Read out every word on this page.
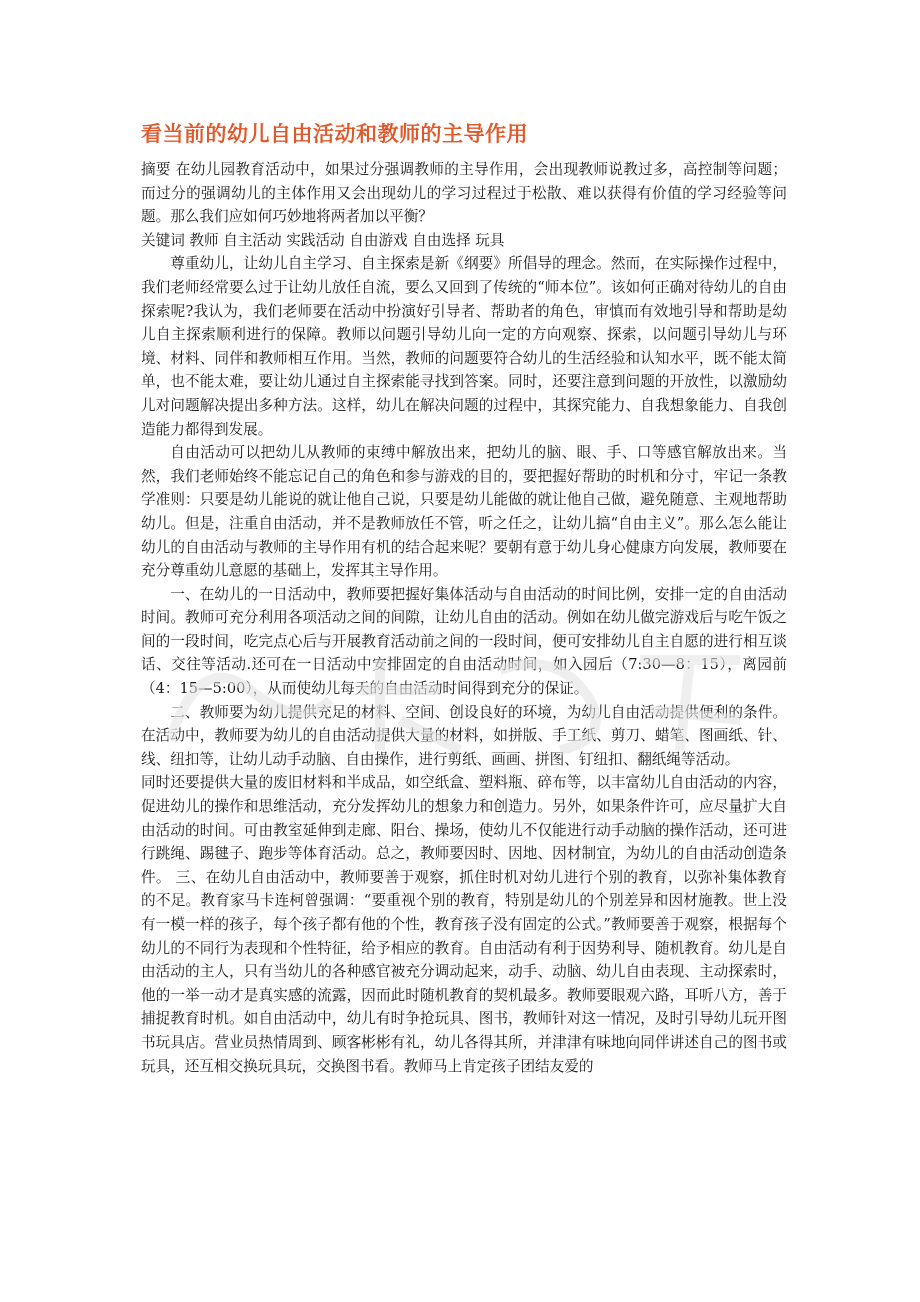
看当前的幼儿自由活动和教师的主导作用

摘要 在幼儿园教育活动中，如果过分强调教师的主导作用，会出现教师说教过多，高控制等问题；而过分的强调幼儿的主体作用又会出现幼儿的学习过程过于松散、难以获得有价值的学习经验等问题。那么我们应如何巧妙地将两者加以平衡？

关键词 教师 自主活动 实践活动 自由游戏 自由选择 玩具

尊重幼儿，让幼儿自主学习、自主探索是新《纲要》所倡导的理念。然而，在实际操作过程中，我们老师经常要么过于让幼儿放任自流，要么又回到了传统的“师本位”。该如何正确对待幼儿的自由探索呢?我认为，我们老师要在活动中扮演好引导者、帮助者的角色，审慎而有效地引导和帮助是幼儿自主探索顺利进行的保障。教师以问题引导幼儿向一定的方向观察、探索，以问题引导幼儿与环境、材料、同伴和教师相互作用。当然，教师的问题要符合幼儿的生活经验和认知水平，既不能太简单，也不能太难，要让幼儿通过自主探索能寻找到答案。同时，还要注意到问题的开放性，以激励幼儿对问题解决提出多种方法。这样，幼儿在解决问题的过程中，其探究能力、自我想象能力、自我创造能力都得到发展。

自由活动可以把幼儿从教师的束缚中解放出来，把幼儿的脑、眼、手、口等感官解放出来。当然，我们老师始终不能忘记自己的角色和参与游戏的目的，要把握好帮助的时机和分寸，牢记一条教学准则：只要是幼儿能说的就让他自己说，只要是幼儿能做的就让他自己做，避免随意、主观地帮助幼儿。但是，注重自由活动，并不是教师放任不管，听之任之，让幼儿搞“自由主义”。那么怎么能让幼儿的自由活动与教师的主导作用有机的结合起来呢？要朝有意于幼儿身心健康方向发展，教师要在充分尊重幼儿意愿的基础上，发挥其主导作用。

一、在幼儿的一日活动中，教师要把握好集体活动与自由活动的时间比例，安排一定的自由活动时间。教师可充分利用各项活动之间的间隙，让幼儿自由的活动。例如在幼儿做完游戏后与吃午饭之间的一段时间，吃完点心后与开展教育活动前之间的一段时间，便可安排幼儿自主自愿的进行相互谈话、交往等活动.还可在一日活动中安排固定的自由活动时间，如入园后（7:30—8：15），离园前（4：15—5:00），从而使幼儿每天的自由活动时间得到充分的保证。

二、教师要为幼儿提供充足的材料、空间、创设良好的环境，为幼儿自由活动提供便利的条件。在活动中，教师要为幼儿的自由活动提供大量的材料，如拼版、手工纸、剪刀、蜡笔、图画纸、针、线、纽扣等，让幼儿动手动脑、自由操作，进行剪纸、画画、拼图、钉纽扣、翻纸绳等活动。

同时还要提供大量的废旧材料和半成品，如空纸盒、塑料瓶、碎布等，以丰富幼儿自由活动的内容，促进幼儿的操作和思维活动，充分发挥幼儿的想象力和创造力。另外，如果条件许可，应尽量扩大自由活动的时间。可由教室延伸到走廊、阳台、操场，使幼儿不仅能进行动手动脑的操作活动，还可进行跳绳、踢毽子、跑步等体育活动。总之，教师要因时、因地、因材制宜，为幼儿的自由活动创造条件。 三、在幼儿自由活动中，教师要善于观察，抓住时机对幼儿进行个别的教育，以弥补集体教育的不足。教育家马卡连柯曾强调：“要重视个别的教育，特别是幼儿的个别差异和因材施教。世上没有一模一样的孩子，每个孩子都有他的个性，教育孩子没有固定的公式。”教师要善于观察，根据每个幼儿的不同行为表现和个性特征，给予相应的教育。自由活动有利于因势利导、随机教育。幼儿是自由活动的主人，只有当幼儿的各种感官被充分调动起来，动手、动脑、幼儿自由表现、主动探索时，他的一举一动才是真实感的流露，因而此时随机教育的契机最多。教师要眼观六路，耳听八方，善于捕捉教育时机。如自由活动中，幼儿有时争抢玩具、图书，教师针对这一情况，及时引导幼儿玩开图书玩具店。营业员热情周到、顾客彬彬有礼，幼儿各得其所，并津津有味地向同伴讲述自己的图书或玩具，还互相交换玩具玩，交换图书看。教师马上肯定孩子团结友爱的
